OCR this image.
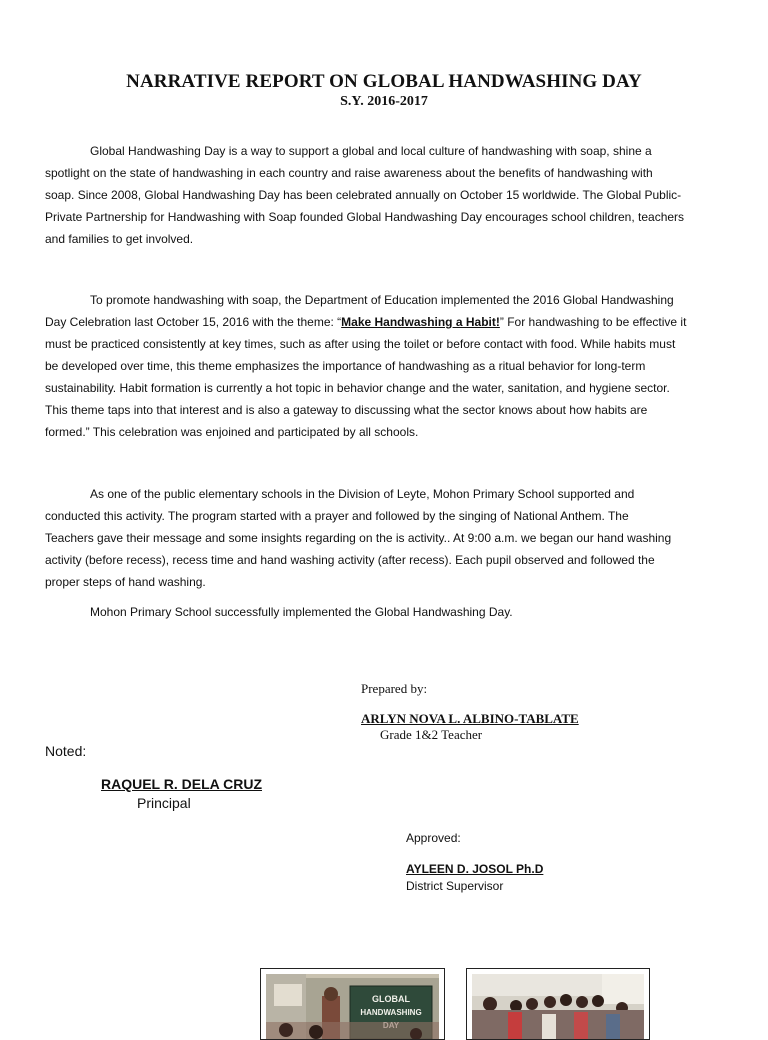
NARRATIVE REPORT ON GLOBAL HANDWASHING DAY
S.Y. 2016-2017

Global Handwashing Day is a way to support a global and local culture of handwashing with soap, shine a
spotlight on the state of handwashing in each country and raise awareness about the benefits of handwashing with
soap. Since 2008, Global Handwashing Day has been celebrated annually on October 15 worldwide. The Global Public-
Private Partnership for Handwashing with Soap founded Global Handwashing Day encourages school children, teachers
and families to get involved.

To promote handwashing with soap, the Department of Education implemented the 2016 Global Handwashing
Day Celebration last October 15, 2016 with the theme: “Make Handwashing a Habit!” For handwashing to be effective it
must be practiced consistently at key times, such as after using the toilet or before contact with food. While habits must
be developed over time, this theme emphasizes the importance of handwashing as a ritual behavior for long-term
sustainability. Habit formation is currently a hot topic in behavior change and the water, sanitation, and hygiene sector.
This theme taps into that interest and is also a gateway to discussing what the sector knows about how habits are
formed.” This celebration was enjoined and participated by all schools.

As one of the public elementary schools in the Division of Leyte, Mohon Primary School supported and
conducted this activity. The program started with a prayer and followed by the singing of National Anthem. The
Teachers gave their message and some insights regarding on the is activity.. At 9:00 a.m. we began our hand washing
activity (before recess), recess time and hand washing activity (after recess). Each pupil observed and followed the
proper steps of hand washing.

Mohon Primary School successfully implemented the Global Handwashing Day.

Prepared by:
ARLYN NOVA L. ALBINO-TABLATE
Grade 1&2 Teacher
Noted:
RAQUEL R. DELA CRUZ
Principal
Approved:
AYLEEN D. JOSOL Ph.D
District Supervisor
GLOBAL
HANDWASHING
